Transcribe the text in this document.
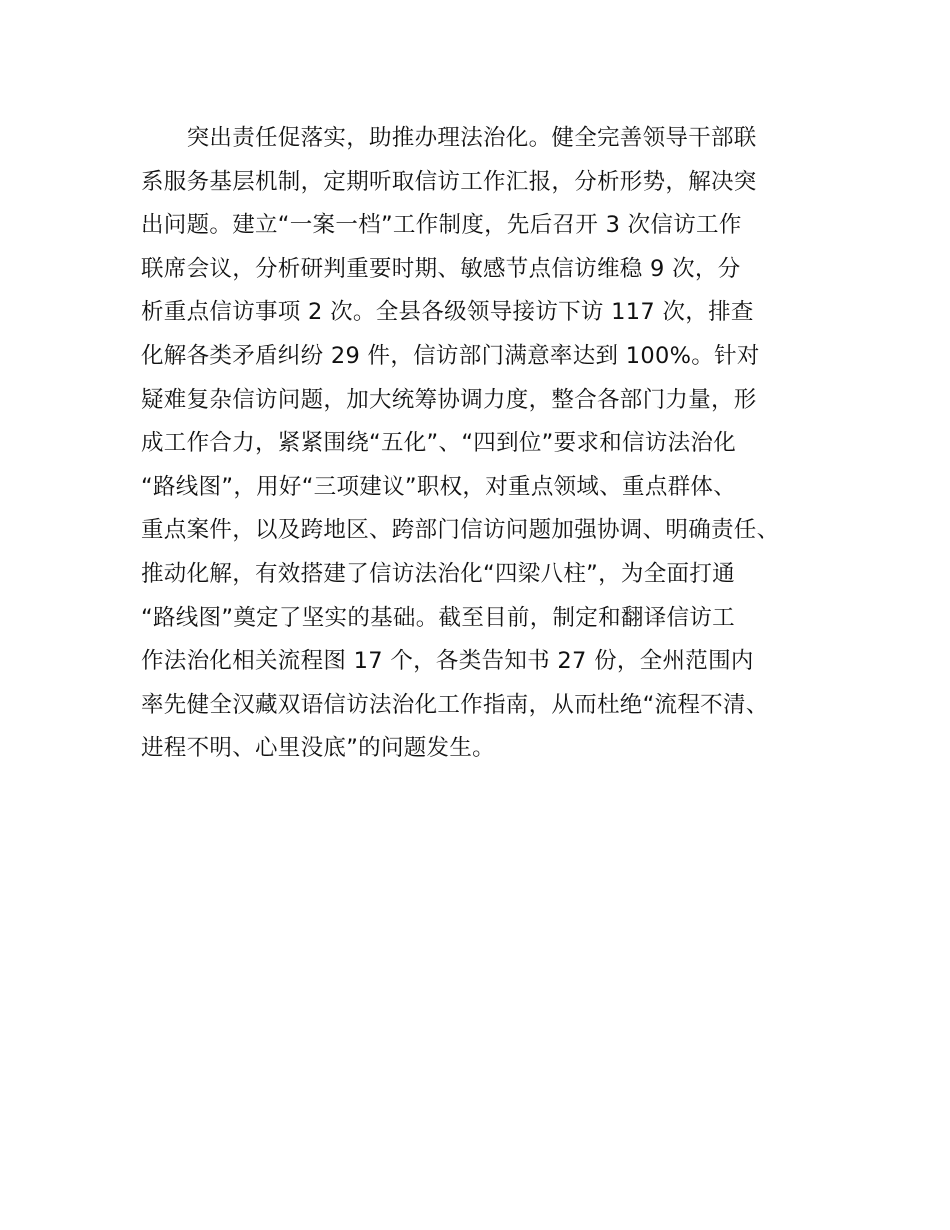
　　突出责任促落实，助推办理法治化。健全完善领导干部联
系服务基层机制，定期听取信访工作汇报，分析形势，解决突
出问题。建立“一案一档”工作制度，先后召开 3 次信访工作
联席会议，分析研判重要时期、敏感节点信访维稳 9 次，分
析重点信访事项 2 次。全县各级领导接访下访 117 次，排查
化解各类矛盾纠纷 29 件，信访部门满意率达到 100%。针对
疑难复杂信访问题，加大统筹协调力度，整合各部门力量，形
成工作合力，紧紧围绕“五化”、“四到位”要求和信访法治化
“路线图”，用好“三项建议”职权，对重点领域、重点群体、
重点案件，以及跨地区、跨部门信访问题加强协调、明确责任、
推动化解，有效搭建了信访法治化“四梁八柱”，为全面打通
“路线图”奠定了坚实的基础。截至目前，制定和翻译信访工
作法治化相关流程图 17 个，各类告知书 27 份，全州范围内
率先健全汉藏双语信访法治化工作指南，从而杜绝“流程不清、
进程不明、心里没底”的问题发生。
